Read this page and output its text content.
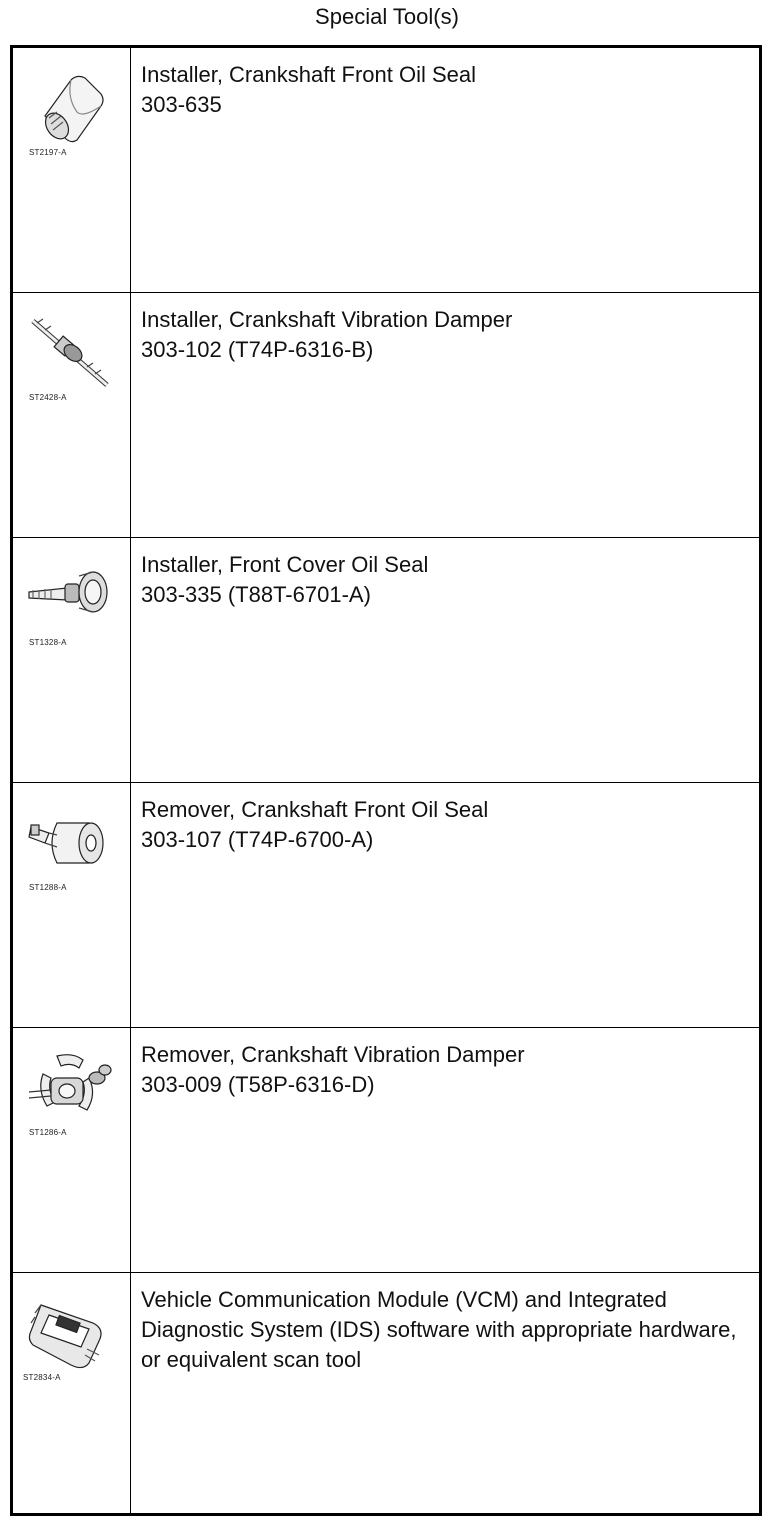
Special Tool(s)
ST2197-A
Installer, Crankshaft Front Oil Seal
303-635
ST2428-A
Installer, Crankshaft Vibration Damper
303-102 (T74P-6316-B)
ST1328-A
Installer, Front Cover Oil Seal
303-335 (T88T-6701-A)
ST1288-A
Remover, Crankshaft Front Oil Seal
303-107 (T74P-6700-A)
ST1286-A
Remover, Crankshaft Vibration Damper
303-009 (T58P-6316-D)
ST2834-A
Vehicle Communication Module (VCM) and Integrated Diagnostic System (IDS) software with appropriate hardware, or equivalent scan tool
